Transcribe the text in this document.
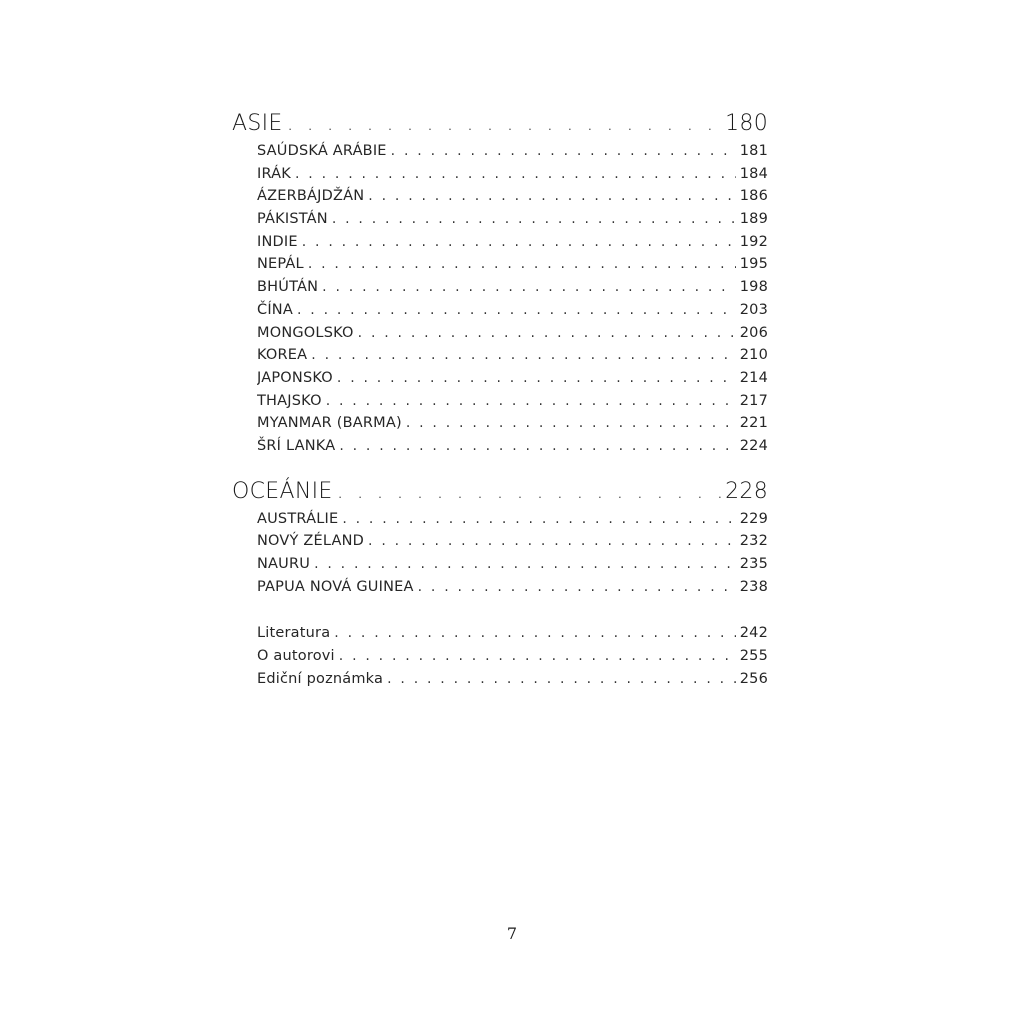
ASIE . . .	180
SAÚDSKÁ ARÁBIE . . .	181
IRÁK . . .	184
ÁZERBÁJDŽÁN . . .	186
PÁKISTÁN . . .	189
INDIE . . .	192
NEPÁL . . .	195
BHÚTÁN . . .	198
ČÍNA . . .	203
MONGOLSKO . . .	206
KOREA . . .	210
JAPONSKO . . .	214
THAJSKO . . .	217
MYANMAR (BARMA) . . .	221
ŠRÍ LANKA . . .	224
OCEÁNIE . . .	228
AUSTRÁLIE . . .	229
NOVÝ ZÉLAND . . .	232
NAURU . . .	235
PAPUA NOVÁ GUINEA . . .	238
Literatura . . .	242
O autorovi . . .	255
Ediční poznámka . . .	256
7
